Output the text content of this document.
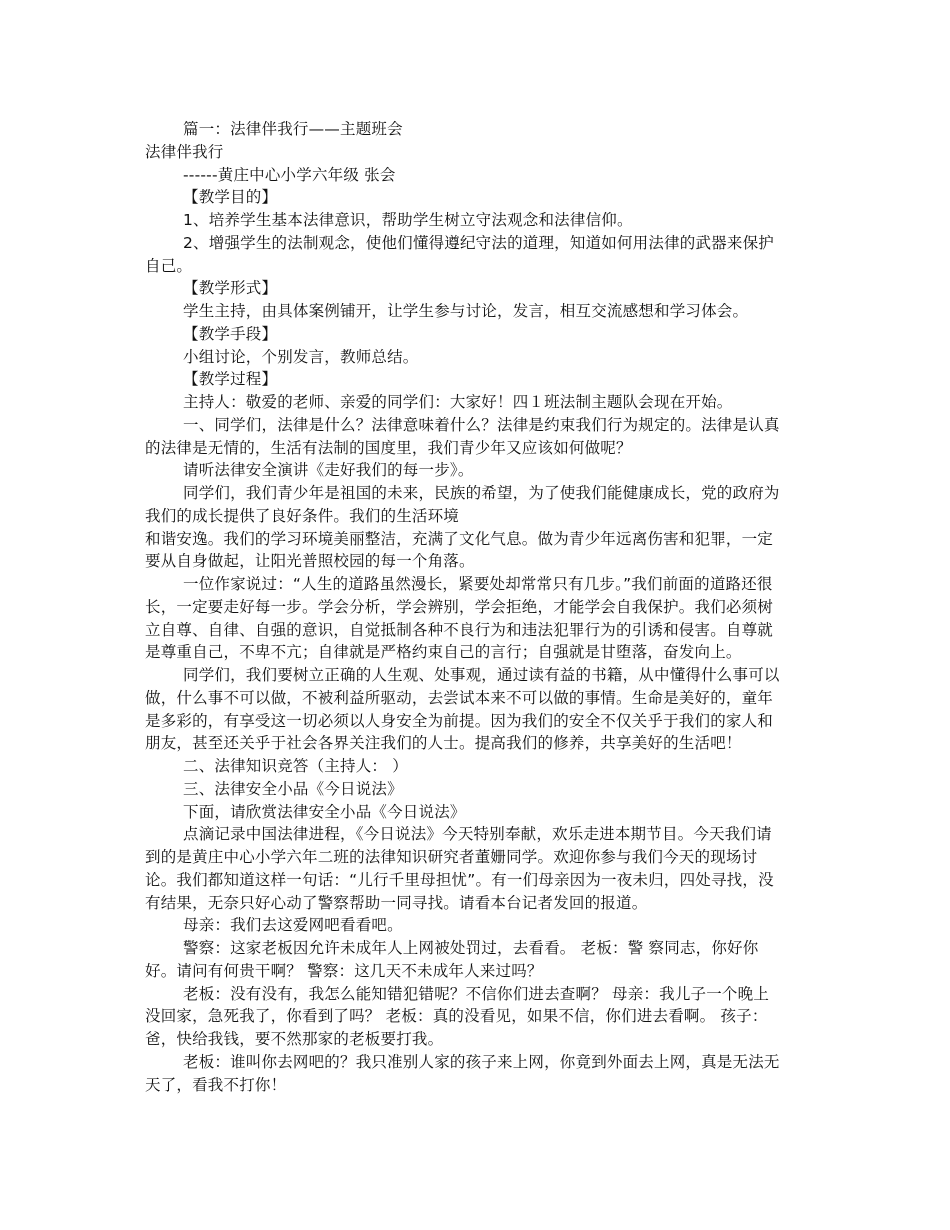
篇一：法律伴我行——主题班会
法律伴我行
------黄庄中心小学六年级 张会
【教学目的】
1、培养学生基本法律意识，帮助学生树立守法观念和法律信仰。
2、增强学生的法制观念，使他们懂得遵纪守法的道理，知道如何用法律的武器来保护
自己。
【教学形式】
学生主持，由具体案例铺开，让学生参与讨论，发言，相互交流感想和学习体会。
【教学手段】
小组讨论，个别发言，教师总结。
【教学过程】
主持人：敬爱的老师、亲爱的同学们：大家好！四１班法制主题队会现在开始。
一、同学们，法律是什么？法律意味着什么？法律是约束我们行为规定的。法律是认真
的法律是无情的，生活有法制的国度里，我们青少年又应该如何做呢？
请听法律安全演讲《走好我们的每一步》。
同学们，我们青少年是祖国的未来，民族的希望，为了使我们能健康成长，党的政府为
我们的成长提供了良好条件。我们的生活环境
和谐安逸。我们的学习环境美丽整洁，充满了文化气息。做为青少年远离伤害和犯罪，一定
要从自身做起，让阳光普照校园的每一个角落。
一位作家说过：“人生的道路虽然漫长，紧要处却常常只有几步。”我们前面的道路还很
长，一定要走好每一步。学会分析，学会辨别，学会拒绝，才能学会自我保护。我们必须树
立自尊、自律、自强的意识，自觉抵制各种不良行为和违法犯罪行为的引诱和侵害。自尊就
是尊重自己，不卑不亢；自律就是严格约束自己的言行；自强就是甘堕落，奋发向上。
同学们，我们要树立正确的人生观、处事观，通过读有益的书籍，从中懂得什么事可以
做，什么事不可以做，不被利益所驱动，去尝试本来不可以做的事情。生命是美好的，童年
是多彩的，有享受这一切必须以人身安全为前提。因为我们的安全不仅关乎于我们的家人和
朋友，甚至还关乎于社会各界关注我们的人士。提高我们的修养，共享美好的生活吧！
二、法律知识竞答（主持人： ）
三、法律安全小品《今日说法》
下面，请欣赏法律安全小品《今日说法》
点滴记录中国法律进程，《今日说法》今天特别奉献，欢乐走进本期节目。今天我们请
到的是黄庄中心小学六年二班的法律知识研究者董姗同学。欢迎你参与我们今天的现场讨
论。我们都知道这样一句话：“儿行千里母担忧”。有一们母亲因为一夜未归，四处寻找，没
有结果，无奈只好心动了警察帮助一同寻找。请看本台记者发回的报道。
母亲：我们去这爱网吧看看吧。
警察：这家老板因允许未成年人上网被处罚过，去看看。 老板：警 察同志，你好你
好。请问有何贵干啊？ 警察：这几天不未成年人来过吗？
老板：没有没有，我怎么能知错犯错呢？不信你们进去查啊？ 母亲：我儿子一个晚上
没回家，急死我了，你看到了吗？ 老板：真的没看见，如果不信，你们进去看啊。 孩子：
爸，快给我钱，要不然那家的老板要打我。
老板：谁叫你去网吧的？我只准别人家的孩子来上网，你竟到外面去上网，真是无法无
天了，看我不打你！
